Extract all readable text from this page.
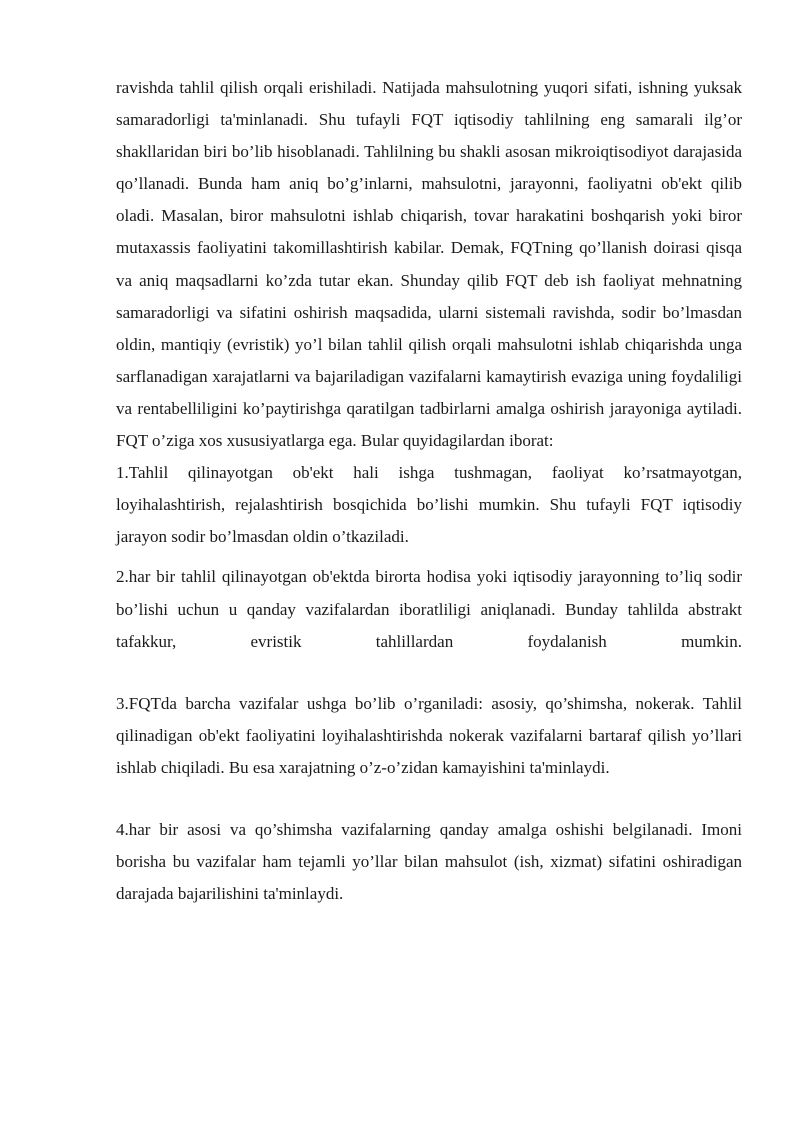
ravishda tahlil qilish orqali erishiladi. Natijada mahsulotning yuqori sifati, ishning yuksak samaradorligi ta'minlanadi. Shu tufayli FQT iqtisodiy tahlilning eng samarali ilg’or shakllaridan biri bo’lib hisoblanadi. Tahlilning bu shakli asosan mikroiqtisodiyot darajasida qo’llanadi. Bunda ham aniq bo’g’inlarni, mahsulotni, jarayonni, faoliyatni ob'ekt qilib oladi. Masalan, biror mahsulotni ishlab chiqarish, tovar harakatini boshqarish yoki biror mutaxassis faoliyatini takomillashtirish kabilar. Demak, FQTning qo’llanish doirasi qisqa va aniq maqsadlarni ko’zda tutar ekan. Shunday qilib FQT deb ish faoliyat mehnatning samaradorligi va sifatini oshirish maqsadida, ularni sistemali ravishda, sodir bo’lmasdan oldin, mantiqiy (evristik) yo’l bilan tahlil qilish orqali mahsulotni ishlab chiqarishda unga sarflanadigan xarajatlarni va bajariladigan vazifalarni kamaytirish evaziga uning foydaliligi va rentabelliligini ko’paytirishga qaratilgan tadbirlarni amalga oshirish jarayoniga aytiladi. FQT o’ziga xos xususiyatlarga ega. Bular quyidagilardan iborat:

1.Tahlil qilinayotgan ob'ekt hali ishga tushmagan, faoliyat ko’rsatmayotgan, loyihalashtirish, rejalashtirish bosqichida bo’lishi mumkin. Shu tufayli FQT iqtisodiy jarayon sodir bo’lmasdan oldin o’tkaziladi.

2.har bir tahlil qilinayotgan ob'ektda birorta hodisa yoki iqtisodiy jarayonning to’liq sodir bo’lishi uchun u qanday vazifalardan iboratliligi aniqlanadi. Bunday tahlilda abstrakt tafakkur, evristik tahlillardan foydalanish mumkin.

3.FQTda barcha vazifalar ushga bo’lib o’rganiladi: asosiy, qo’shimsha, nokerak. Tahlil qilinadigan ob'ekt faoliyatini loyihalashtirishda nokerak vazifalarni bartaraf qilish yo’llari ishlab chiqiladi. Bu esa xarajatning o’z-o’zidan kamayishini ta'minlaydi.

4.har bir asosi va qo’shimsha vazifalarning qanday amalga oshishi belgilanadi. Imoni borisha bu vazifalar ham tejamli yo’llar bilan mahsulot (ish, xizmat) sifatini oshiradigan darajada bajarilishini ta'minlaydi.
